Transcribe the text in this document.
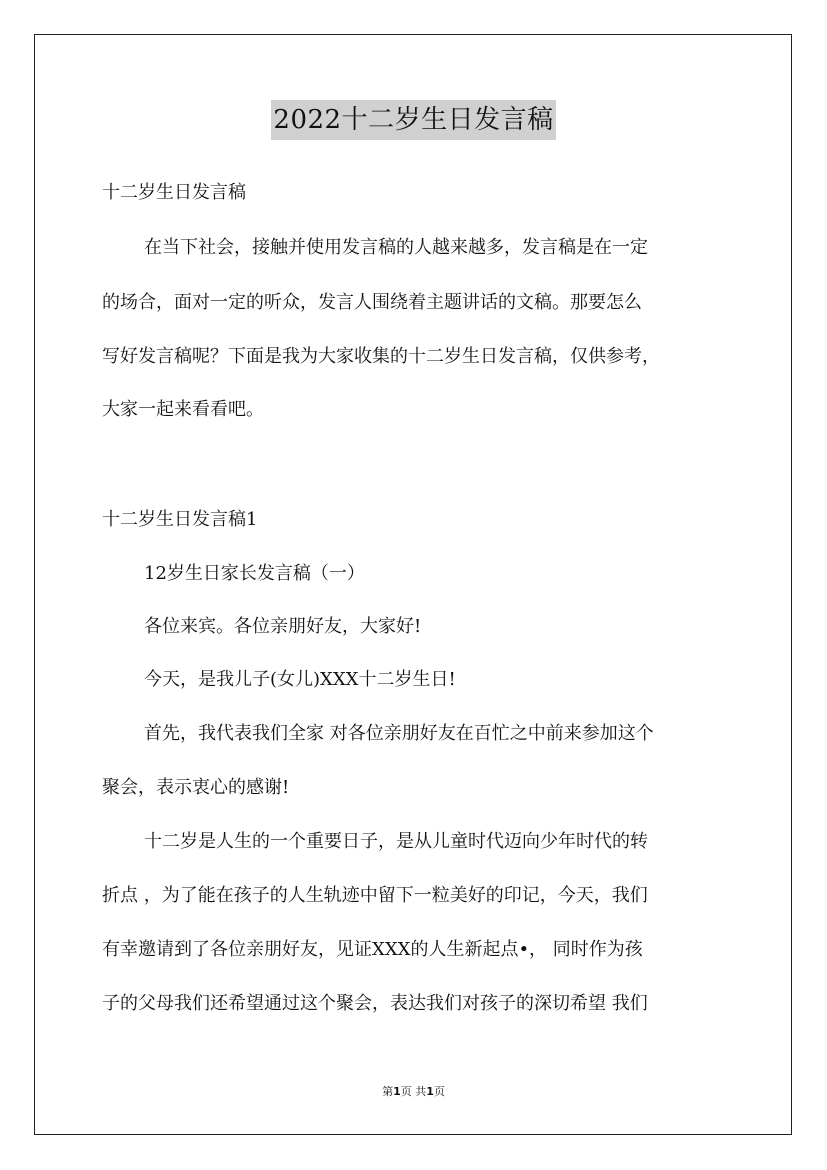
2022十二岁生日发言稿
十二岁生日发言稿
在当下社会，接触并使用发言稿的人越来越多，发言稿是在一定
的场合，面对一定的听众，发言人围绕着主题讲话的文稿。那要怎么
写好发言稿呢？下面是我为大家收集的十二岁生日发言稿，仅供参考，
大家一起来看看吧。
十二岁生日发言稿1
12岁生日家长发言稿（一）
各位来宾。各位亲朋好友，大家好!
今天，是我儿子(女儿)XXX十二岁生日!
首先，我代表我们全家 对各位亲朋好友在百忙之中前来参加这个
聚会，表示衷心的感谢!
十二岁是人生的一个重要日子，是从儿童时代迈向少年时代的转
折点 ，为了能在孩子的人生轨迹中留下一粒美好的印记，今天，我们
有幸邀请到了各位亲朋好友，见证XXX的人生新起点•， 同时作为孩
子的父母我们还希望通过这个聚会，表达我们对孩子的深切希望 我们
第1页 共1页
